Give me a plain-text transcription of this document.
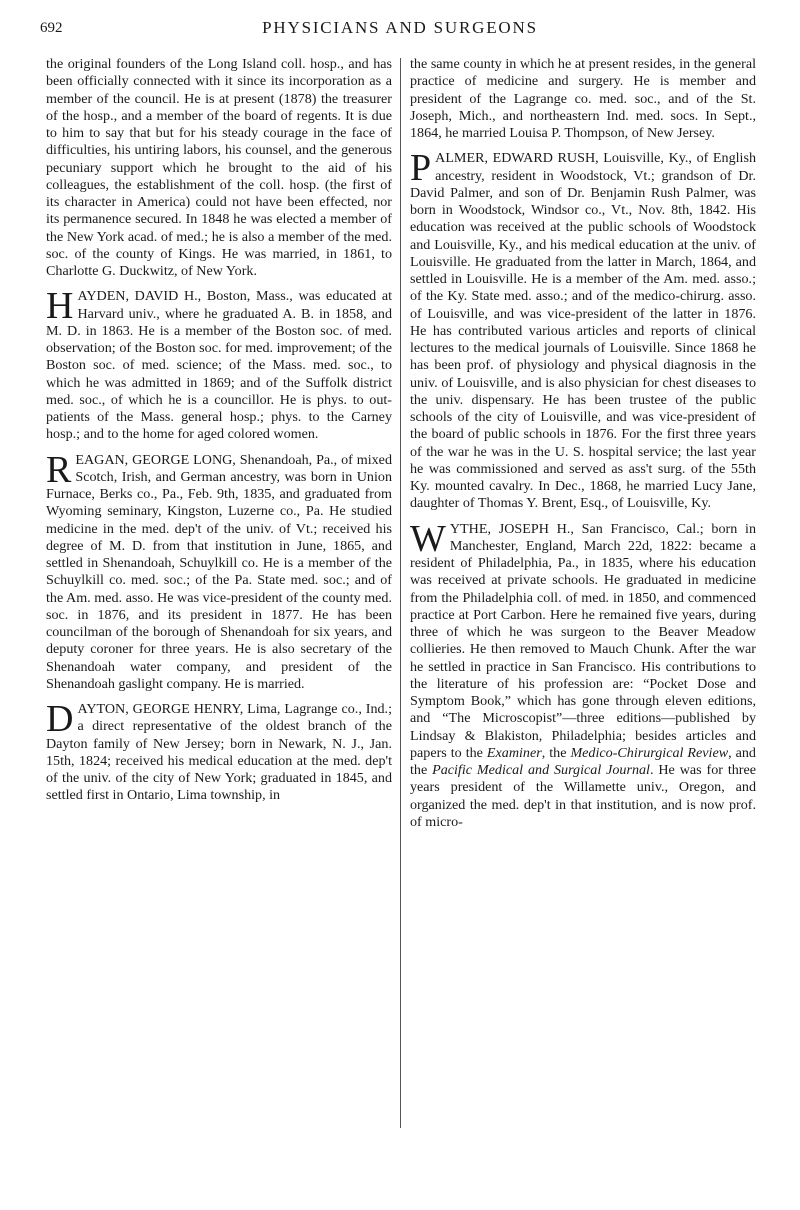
692	PHYSICIANS AND SURGEONS

the original founders of the Long Island coll. hosp., and has been officially connected with it since its incorporation as a member of the council. He is at present (1878) the treasurer of the hosp., and a member of the board of regents. It is due to him to say that but for his steady courage in the face of difficulties, his untiring labors, his counsel, and the generous pecuniary support which he brought to the aid of his colleagues, the establishment of the coll. hosp. (the first of its character in America) could not have been effected, nor its permanence secured. In 1848 he was elected a member of the New York acad. of med.; he is also a member of the med. soc. of the county of Kings. He was married, in 1861, to Charlotte G. Duckwitz, of New York.

HAYDEN, DAVID H., Boston, Mass., was educated at Harvard univ., where he graduated A. B. in 1858, and M. D. in 1863. He is a member of the Boston soc. of med. observation; of the Boston soc. for med. improvement; of the Boston soc. of med. science; of the Mass. med. soc., to which he was admitted in 1869; and of the Suffolk district med. soc., of which he is a councillor. He is phys. to out-patients of the Mass. general hosp.; phys. to the Carney hosp.; and to the home for aged colored women.

REAGAN, GEORGE LONG, Shenandoah, Pa., of mixed Scotch, Irish, and German ancestry, was born in Union Furnace, Berks co., Pa., Feb. 9th, 1835, and graduated from Wyoming seminary, Kingston, Luzerne co., Pa. He studied medicine in the med. dep't of the univ. of Vt.; received his degree of M. D. from that institution in June, 1865, and settled in Shenandoah, Schuylkill co. He is a member of the Schuylkill co. med. soc.; of the Pa. State med. soc.; and of the Am. med. asso. He was vice-president of the county med. soc. in 1876, and its president in 1877. He has been councilman of the borough of Shenandoah for six years, and deputy coroner for three years. He is also secretary of the Shenandoah water company, and president of the Shenandoah gaslight company. He is married.

DAYTON, GEORGE HENRY, Lima, Lagrange co., Ind.; a direct representative of the oldest branch of the Dayton family of New Jersey; born in Newark, N. J., Jan. 15th, 1824; received his medical education at the med. dep't of the univ. of the city of New York; graduated in 1845, and settled first in Ontario, Lima township, in

the same county in which he at present resides, in the general practice of medicine and surgery. He is member and president of the Lagrange co. med. soc., and of the St. Joseph, Mich., and northeastern Ind. med. socs. In Sept., 1864, he married Louisa P. Thompson, of New Jersey.

PALMER, EDWARD RUSH, Louisville, Ky., of English ancestry, resident in Woodstock, Vt.; grandson of Dr. David Palmer, and son of Dr. Benjamin Rush Palmer, was born in Woodstock, Windsor co., Vt., Nov. 8th, 1842. His education was received at the public schools of Woodstock and Louisville, Ky., and his medical education at the univ. of Louisville. He graduated from the latter in March, 1864, and settled in Louisville. He is a member of the Am. med. asso.; of the Ky. State med. asso.; and of the medico-chirurg. asso. of Louisville, and was vice-president of the latter in 1876. He has contributed various articles and reports of clinical lectures to the medical journals of Louisville. Since 1868 he has been prof. of physiology and physical diagnosis in the univ. of Louisville, and is also physician for chest diseases to the univ. dispensary. He has been trustee of the public schools of the city of Louisville, and was vice-president of the board of public schools in 1876. For the first three years of the war he was in the U. S. hospital service; the last year he was commissioned and served as ass't surg. of the 55th Ky. mounted cavalry. In Dec., 1868, he married Lucy Jane, daughter of Thomas Y. Brent, Esq., of Louisville, Ky.

WYTHE, JOSEPH H., San Francisco, Cal.; born in Manchester, England, March 22d, 1822: became a resident of Philadelphia, Pa., in 1835, where his education was received at private schools. He graduated in medicine from the Philadelphia coll. of med. in 1850, and commenced practice at Port Carbon. Here he remained five years, during three of which he was surgeon to the Beaver Meadow collieries. He then removed to Mauch Chunk. After the war he settled in practice in San Francisco. His contributions to the literature of his profession are: “Pocket Dose and Symptom Book,” which has gone through eleven editions, and “The Microscopist”—three editions—published by Lindsay & Blakiston, Philadelphia; besides articles and papers to the Examiner, the Medico-Chirurgical Review, and the Pacific Medical and Surgical Journal. He was for three years president of the Willamette univ., Oregon, and organized the med. dep't in that institution, and is now prof. of micro-
